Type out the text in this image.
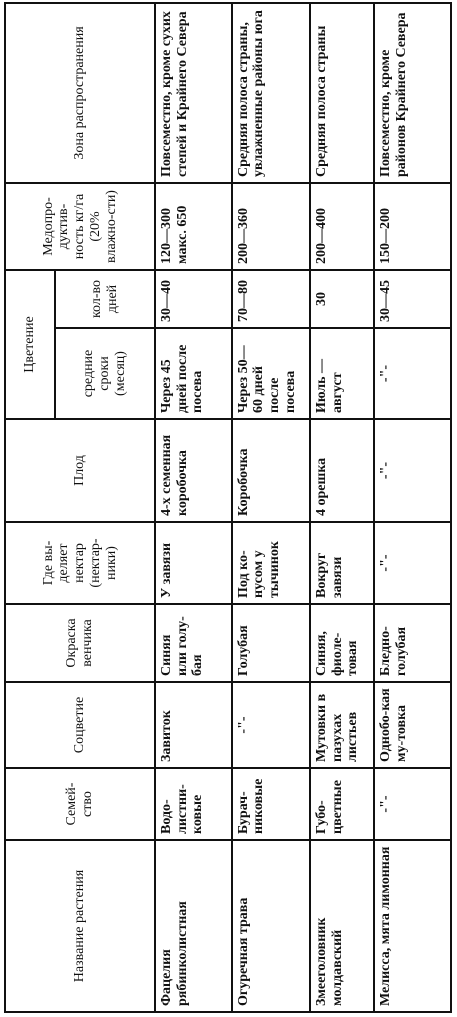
Название растения	Семей-ство	Соцветие	Окраска венчика	Где вы-деляет нектар (нектар-ники)	Плод	Цветение		Медопро-дуктив-ность кг/га (20% влажно-сти)	Зона распространения
						средние сроки (месяц)	кол-во дней		
Фацелия рябинколистная	Водо-листни-ковые	Завиток	Синяя или голу-бая	У завязи	4-х семенная коробочка	Через 45 дней после посева	30—40	120—300 макс. 650	Повсеместно, кроме сухих степей и Крайнего Севера
Огуречная трава	Бурач-никовые	-"-	Голубая	Под ко-нусом у тычинок	Коробочка	Через 50—60 дней после посева	70—80	200—360	Средняя полоса страны, увлажненные районы юга
Змееголовник молдавский	Губо-цветные	Мутовки в пазухах листьев	Синяя, фиоле-товая	Вокруг завязи	4 орешка	Июль — август	30	200—400	Средняя полоса страны
Мелисса, мята лимонная	-"-	Однобо-кая му-товка	Бледно-голубая	-"-	-"-	-"-	30—45	150—200	Повсеместно, кроме районов Крайнего Севера
